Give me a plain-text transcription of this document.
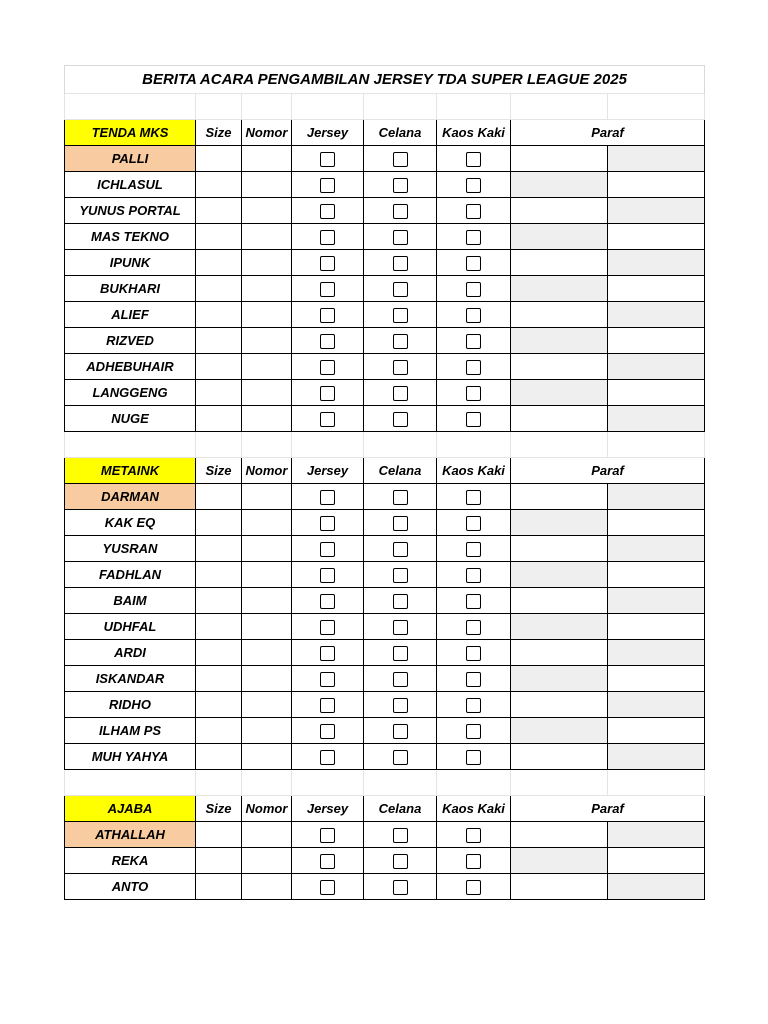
BERITA ACARA PENGAMBILAN JERSEY TDA SUPER LEAGUE 2025							

TENDA MKS	Size	Nomor	Jersey	Celana	Kaos Kaki	Paraf	
PALLI							
ICHLASUL							
YUNUS PORTAL							
MAS TEKNO							
IPUNK							
BUKHARI							
ALIEF							
RIZVED							
ADHEBUHAIR							
LANGGENG							
NUGE							

METAINK	Size	Nomor	Jersey	Celana	Kaos Kaki	Paraf	
DARMAN							
KAK EQ							
YUSRAN							
FADHLAN							
BAIM							
UDHFAL							
ARDI							
ISKANDAR							
RIDHO							
ILHAM PS							
MUH YAHYA							

AJABA	Size	Nomor	Jersey	Celana	Kaos Kaki	Paraf	
ATHALLAH							
REKA							
ANTO							
